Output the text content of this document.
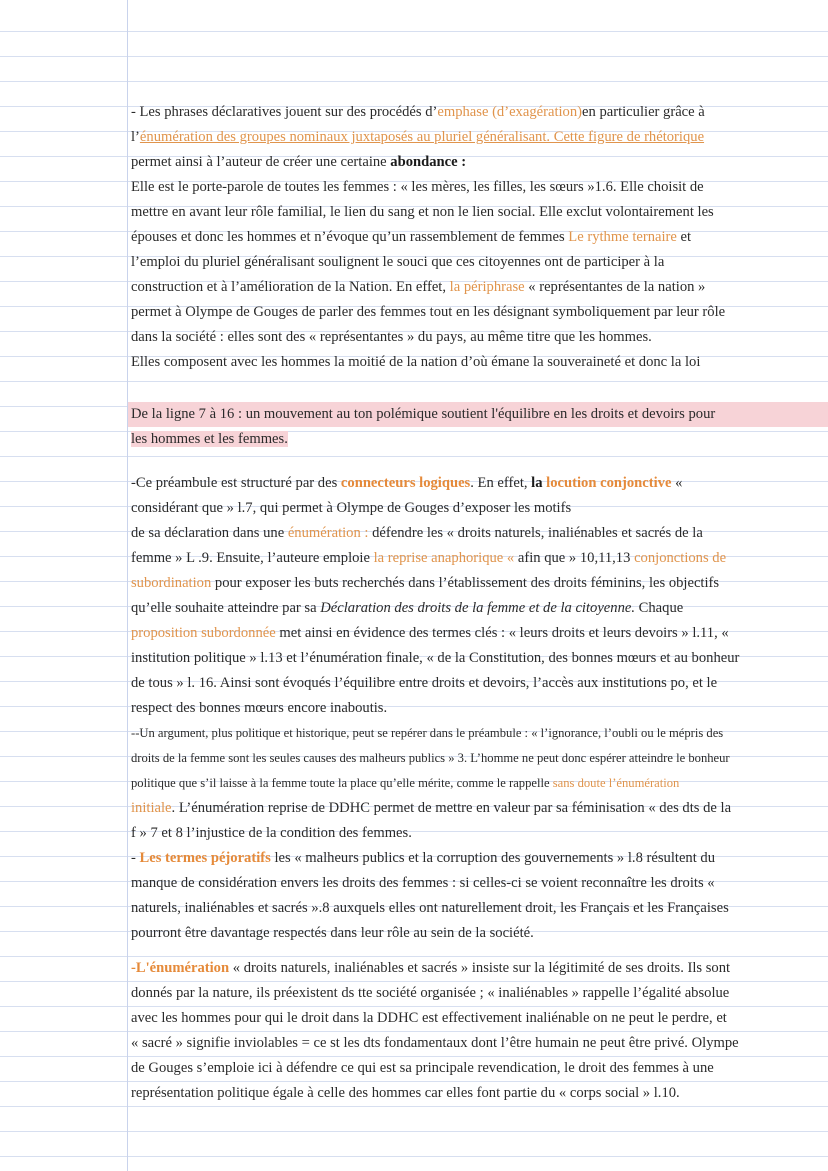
- Les phrases déclaratives jouent sur des procédés d’emphase (d’exagération)en particulier grâce à
l’énumération des groupes nominaux juxtaposés au pluriel généralisant. Cette figure de rhétorique
permet ainsi à l’auteur de créer une certaine abondance :
Elle est le porte-parole de toutes les femmes : « les mères, les filles, les sœurs »1.6. Elle choisit de
mettre en avant leur rôle familial, le lien du sang et non le lien social. Elle exclut volontairement les
épouses et donc les hommes et n’évoque qu’un rassemblement de femmes Le rythme ternaire et
l’emploi du pluriel généralisant soulignent le souci que ces citoyennes ont de participer à la
construction et à l’amélioration de la Nation. En effet, la périphrase « représentantes de la nation »
permet à Olympe de Gouges de parler des femmes tout en les désignant symboliquement par leur rôle
dans la société : elles sont des « représentantes » du pays, au même titre que les hommes.
Elles composent avec les hommes la moitié de la nation d’où émane la souveraineté et donc la loi
De la ligne 7 à 16 : un mouvement au ton polémique soutient l'équilibre en les droits et devoirs pour
les hommes et les femmes.
-Ce préambule est structuré par des connecteurs logiques. En effet, la locution conjonctive «
considérant que » l.7, qui permet à Olympe de Gouges d’exposer les motifs
de sa déclaration dans une énumération : défendre les « droits naturels, inaliénables et sacrés de la
femme » L .9. Ensuite, l’auteure emploie la reprise anaphorique « afin que » 10,11,13 conjonctions de
subordination pour exposer les buts recherchés dans l’établissement des droits féminins, les objectifs
qu’elle souhaite atteindre par sa Déclaration des droits de la femme et de la citoyenne. Chaque
proposition subordonnée met ainsi en évidence des termes clés : « leurs droits et leurs devoirs » l.11, «
institution politique » l.13 et l’énumération finale, « de la Constitution, des bonnes mœurs et au bonheur
de tous » l. 16. Ainsi sont évoqués l’équilibre entre droits et devoirs, l’accès aux institutions po, et le
respect des bonnes mœurs encore inaboutis.
--Un argument, plus politique et historique, peut se repérer dans le préambule : « l’ignorance, l’oubli ou le mépris des
droits de la femme sont les seules causes des malheurs publics » 3. L’homme ne peut donc espérer atteindre le bonheur
politique que s’il laisse à la femme toute la place qu’elle mérite, comme le rappelle sans doute l’énumération
initiale. L’énumération reprise de DDHC permet de mettre en valeur par sa féminisation « des dts de la
f » 7 et 8 l’injustice de la condition des femmes.
- Les termes péjoratifs les « malheurs publics et la corruption des gouvernements » l.8 résultent du
manque de considération envers les droits des femmes : si celles-ci se voient reconnaître les droits «
naturels, inaliénables et sacrés ».8 auxquels elles ont naturellement droit, les Français et les Françaises
pourront être davantage respectés dans leur rôle au sein de la société.
-L'énumération « droits naturels, inaliénables et sacrés » insiste sur la légitimité de ses droits. Ils sont
donnés par la nature, ils préexistent ds tte société organisée ; « inaliénables » rappelle l’égalité absolue
avec les hommes pour qui le droit dans la DDHC est effectivement inaliénable on ne peut le perdre, et
« sacré » signifie inviolables = ce st les dts fondamentaux dont l’être humain ne peut être privé. Olympe
de Gouges s’emploie ici à défendre ce qui est sa principale revendication, le droit des femmes à une
représentation politique égale à celle des hommes car elles font partie du « corps social » l.10.
